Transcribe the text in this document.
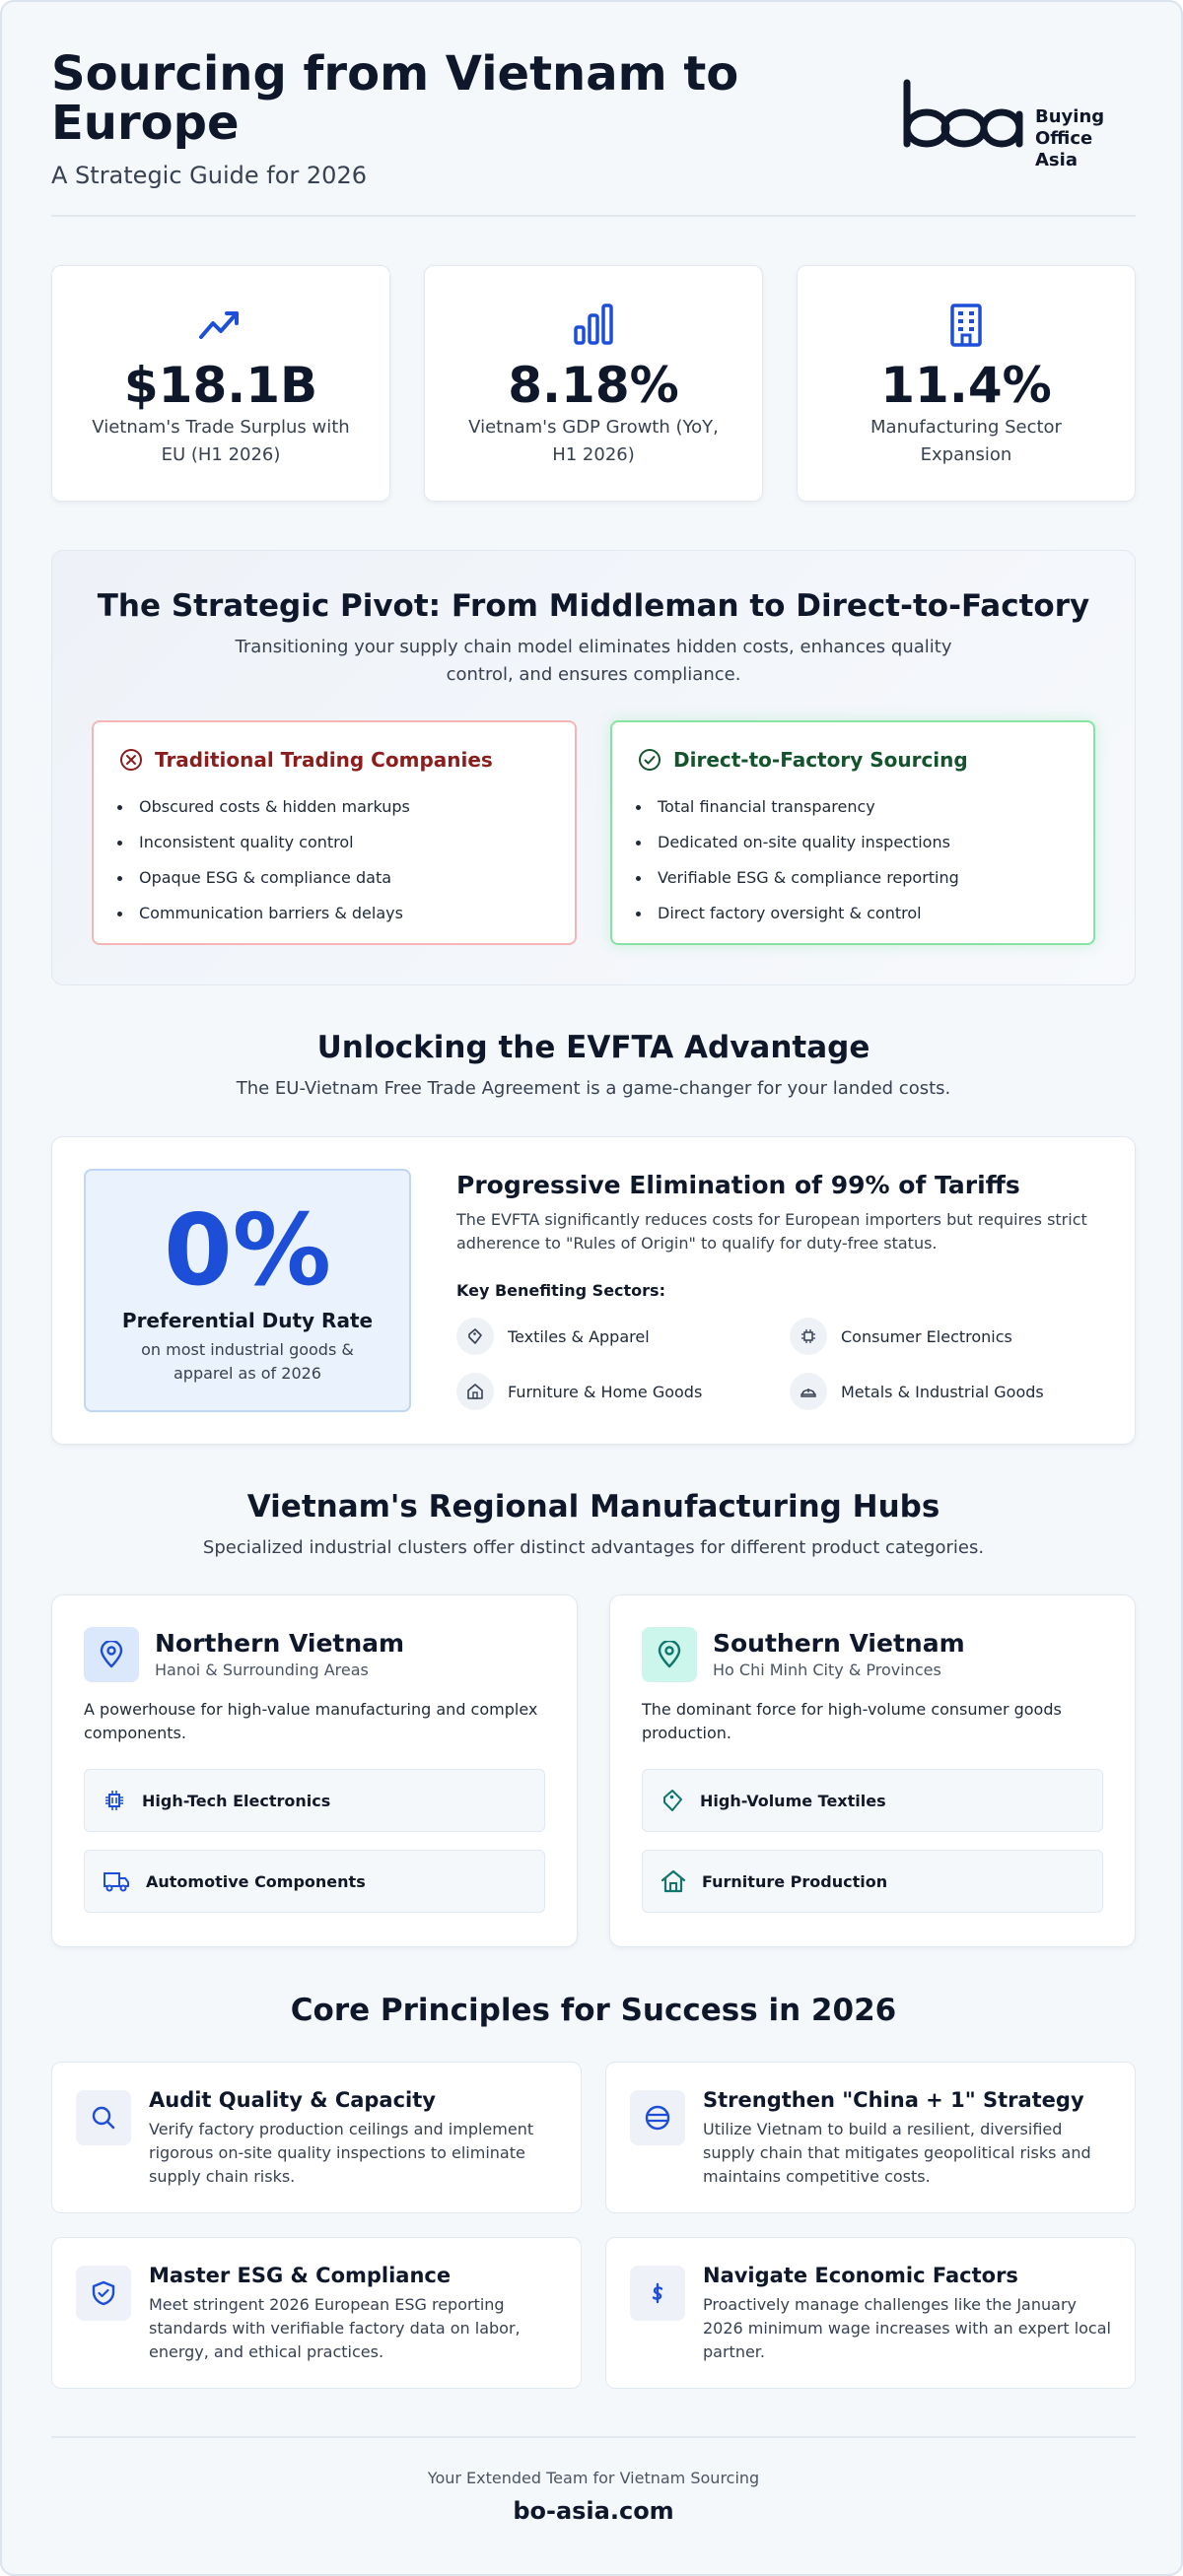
Sourcing from Vietnam to Europe
A Strategic Guide for 2026
Buying
Office Asia
$18.1B
Vietnam's Trade Surplus with EU (H1 2026)
8.18%
Vietnam's GDP Growth (YoY, H1 2026)
11.4%
Manufacturing Sector Expansion
The Strategic Pivot: From Middleman to Direct-to-Factory
Transitioning your supply chain model eliminates hidden costs, enhances quality control, and ensures compliance.
Traditional Trading Companies
Obscured costs & hidden markups
Inconsistent quality control
Opaque ESG & compliance data
Communication barriers & delays
Direct-to-Factory Sourcing
Total financial transparency
Dedicated on-site quality inspections
Verifiable ESG & compliance reporting
Direct factory oversight & control
Unlocking the EVFTA Advantage
The EU-Vietnam Free Trade Agreement is a game-changer for your landed costs.
0%
Preferential Duty Rate
on most industrial goods & apparel as of 2026
Progressive Elimination of 99% of Tariffs
The EVFTA significantly reduces costs for European importers but requires strict adherence to "Rules of Origin" to qualify for duty-free status.
Key Benefiting Sectors:
Textiles & Apparel	Consumer Electronics
Furniture & Home Goods	Metals & Industrial Goods
Vietnam's Regional Manufacturing Hubs
Specialized industrial clusters offer distinct advantages for different product categories.
Northern Vietnam
Hanoi & Surrounding Areas
A powerhouse for high-value manufacturing and complex components.
High-Tech Electronics
Automotive Components
Southern Vietnam
Ho Chi Minh City & Provinces
The dominant force for high-volume consumer goods production.
High-Volume Textiles
Furniture Production
Core Principles for Success in 2026
Audit Quality & Capacity
Verify factory production ceilings and implement rigorous on-site quality inspections to eliminate supply chain risks.
Strengthen "China + 1" Strategy
Utilize Vietnam to build a resilient, diversified supply chain that mitigates geopolitical risks and maintains competitive costs.
Master ESG & Compliance
Meet stringent 2026 European ESG reporting standards with verifiable factory data on labor, energy, and ethical practices.
Navigate Economic Factors
Proactively manage challenges like the January 2026 minimum wage increases with an expert local partner.
Your Extended Team for Vietnam Sourcing
bo-asia.com
